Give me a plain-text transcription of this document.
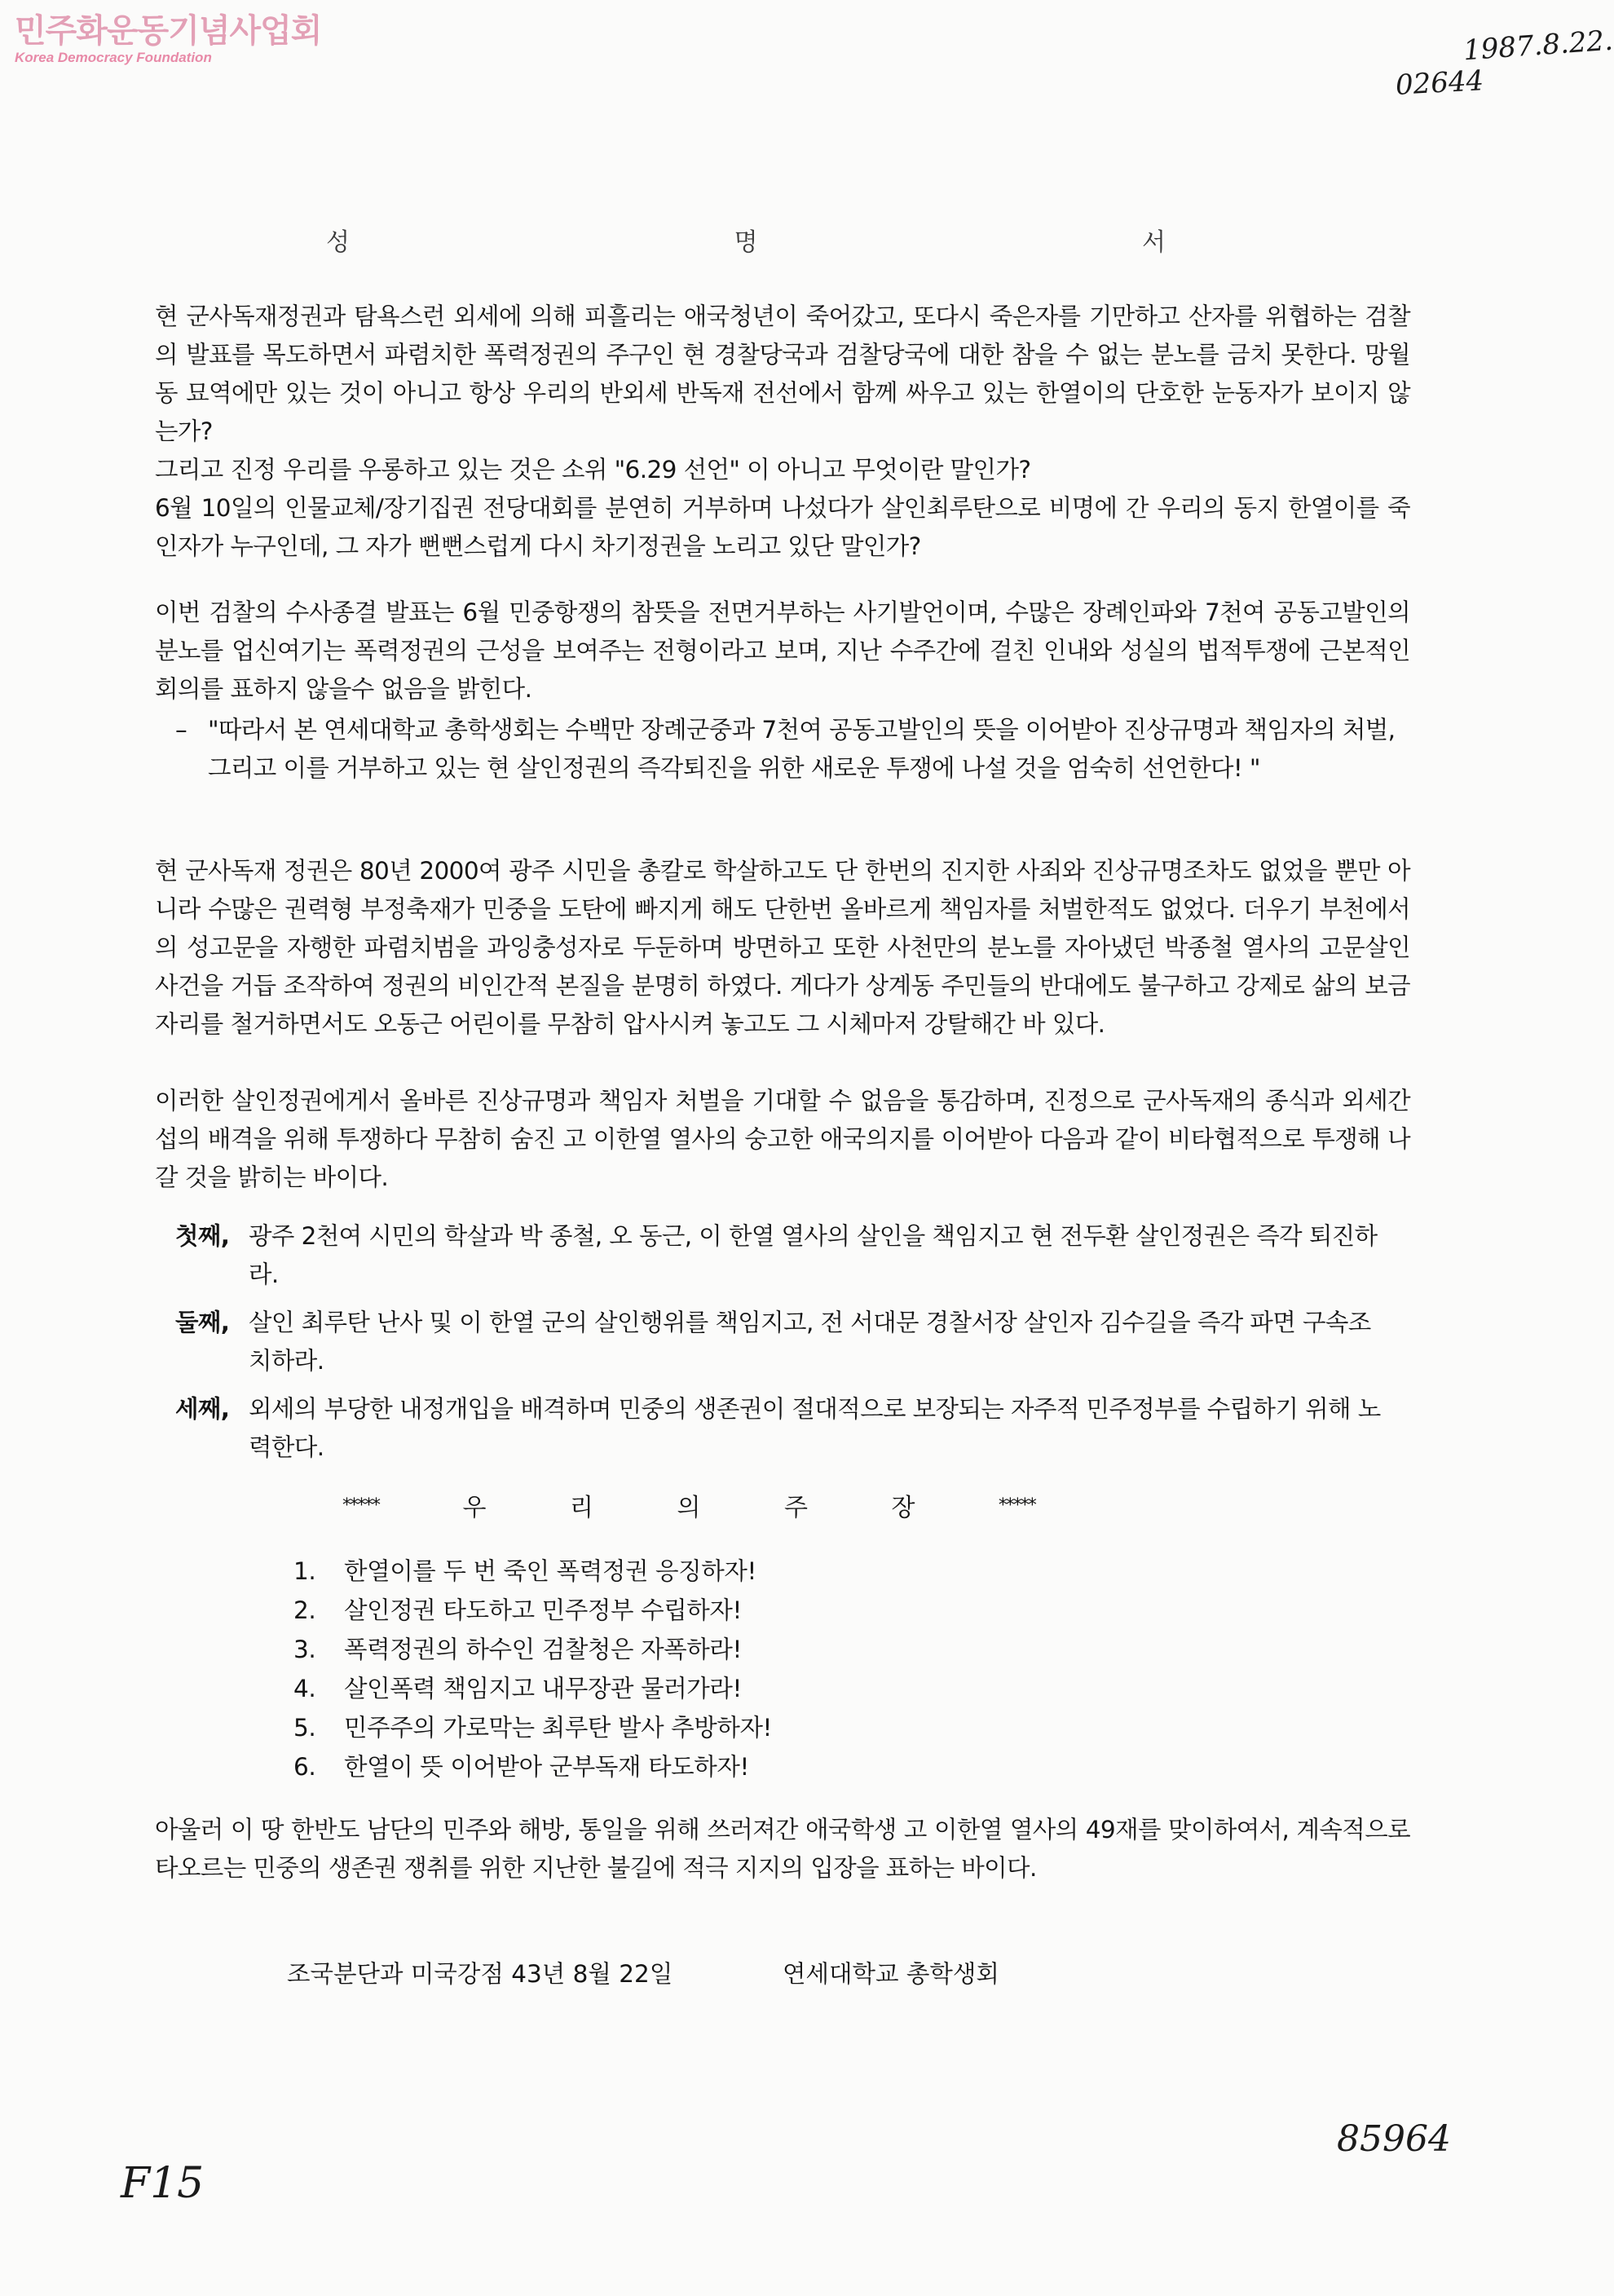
민주화운동기념사업회
Korea Democracy Foundation	1987.8.22.
02644
성	명	서

현 군사독재정권과 탐욕스런 외세에 의해 피흘리는 애국청년이 죽어갔고, 또다시 죽은자를 기만하고 산자를 위협하는 검찰의 발표를 목도하면서 파렴치한 폭력정권의 주구인 현 경찰당국과 검찰당국에 대한 참을 수 없는 분노를 금치 못한다. 망월동 묘역에만 있는 것이 아니고 항상 우리의 반외세 반독재 전선에서 함께 싸우고 있는 한열이의 단호한 눈동자가 보이지 않는가?

그리고 진정 우리를 우롱하고 있는 것은 소위 "6.29 선언" 이 아니고 무엇이란 말인가?

6월 10일의 인물교체/장기집권 전당대회를 분연히 거부하며 나섰다가 살인최루탄으로 비명에 간 우리의 동지 한열이를 죽인자가 누구인데, 그 자가 뻔뻔스럽게 다시 차기정권을 노리고 있단 말인가?

이번 검찰의 수사종결 발표는 6월 민중항쟁의 참뜻을 전면거부하는 사기발언이며, 수많은 장례인파와 7천여 공동고발인의 분노를 업신여기는 폭력정권의 근성을 보여주는 전형이라고 보며, 지난 수주간에 걸친 인내와 성실의 법적투쟁에 근본적인 회의를 표하지 않을수 없음을 밝힌다.

– "따라서 본 연세대학교 총학생회는 수백만 장례군중과 7천여 공동고발인의 뜻을 이어받아 진상규명과 책임자의 처벌, 그리고 이를 거부하고 있는 현 살인정권의 즉각퇴진을 위한 새로운 투쟁에 나설 것을 엄숙히 선언한다! "

현 군사독재 정권은 80년 2000여 광주 시민을 총칼로 학살하고도 단 한번의 진지한 사죄와 진상규명조차도 없었을 뿐만 아니라 수많은 권력형 부정축재가 민중을 도탄에 빠지게 해도 단한번 올바르게 책임자를 처벌한적도 없었다. 더우기 부천에서의 성고문을 자행한 파렴치범을 과잉충성자로 두둔하며 방면하고 또한 사천만의 분노를 자아냈던 박종철 열사의 고문살인 사건을 거듭 조작하여 정권의 비인간적 본질을 분명히 하였다. 게다가 상계동 주민들의 반대에도 불구하고 강제로 삶의 보금자리를 철거하면서도 오동근 어린이를 무참히 압사시켜 놓고도 그 시체마저 강탈해간 바 있다.

이러한 살인정권에게서 올바른 진상규명과 책임자 처벌을 기대할 수 없음을 통감하며, 진정으로 군사독재의 종식과 외세간섭의 배격을 위해 투쟁하다 무참히 숨진 고 이한열 열사의 숭고한 애국의지를 이어받아 다음과 같이 비타협적으로 투쟁해 나갈 것을 밝히는 바이다.

첫째, 광주 2천여 시민의 학살과 박 종철, 오 동근, 이 한열 열사의 살인을 책임지고 현 전두환 살인정권은 즉각 퇴진하라.
둘째, 살인 최루탄 난사 및 이 한열 군의 살인행위를 책임지고, 전 서대문 경찰서장 살인자 김수길을 즉각 파면 구속조치하라.
세째, 외세의 부당한 내정개입을 배격하며 민중의 생존권이 절대적으로 보장되는 자주적 민주정부를 수립하기 위해 노력한다.
*****	우	리	의	주	장	*****
1. 한열이를 두 번 죽인 폭력정권 응징하자!
2. 살인정권 타도하고 민주정부 수립하자!
3. 폭력정권의 하수인 검찰청은 자폭하라!
4. 살인폭력 책임지고 내무장관 물러가라!
5. 민주주의 가로막는 최루탄 발사 추방하자!
6. 한열이 뜻 이어받아 군부독재 타도하자!

아울러 이 땅 한반도 남단의 민주와 해방, 통일을 위해 쓰러져간 애국학생 고 이한열 열사의 49재를 맞이하여서, 계속적으로 타오르는 민중의 생존권 쟁취를 위한 지난한 불길에 적극 지지의 입장을 표하는 바이다.

조국분단과 미국강점 43년 8월 22일	연세대학교 총학생회
F15
85964
